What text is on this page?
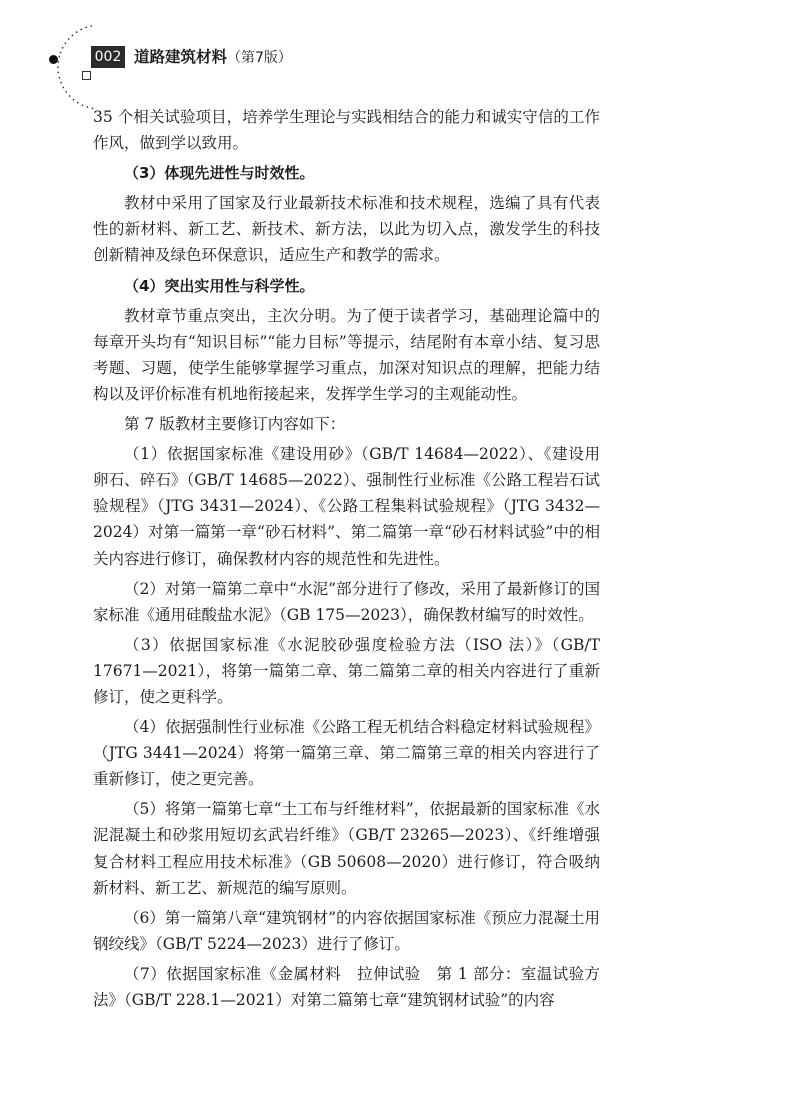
002 道路建筑材料（第7版）

35 个相关试验项目，培养学生理论与实践相结合的能力和诚实守信的工作作风，做到学以致用。

（3）体现先进性与时效性。

教材中采用了国家及行业最新技术标准和技术规程，选编了具有代表性的新材料、新工艺、新技术、新方法，以此为切入点，激发学生的科技创新精神及绿色环保意识，适应生产和教学的需求。

（4）突出实用性与科学性。

教材章节重点突出，主次分明。为了便于读者学习，基础理论篇中的每章开头均有“知识目标”“能力目标”等提示，结尾附有本章小结、复习思考题、习题，使学生能够掌握学习重点，加深对知识点的理解，把能力结构以及评价标准有机地衔接起来，发挥学生学习的主观能动性。

第 7 版教材主要修订内容如下：

（1）依据国家标准《建设用砂》（GB/T 14684—2022）、《建设用卵石、碎石》（GB/T 14685—2022）、强制性行业标准《公路工程岩石试验规程》（JTG 3431—2024）、《公路工程集料试验规程》（JTG 3432—2024）对第一篇第一章“砂石材料”、第二篇第一章“砂石材料试验”中的相关内容进行修订，确保教材内容的规范性和先进性。

（2）对第一篇第二章中“水泥”部分进行了修改，采用了最新修订的国家标准《通用硅酸盐水泥》（GB 175—2023），确保教材编写的时效性。

（3）依据国家标准《水泥胶砂强度检验方法（ISO 法）》（GB/T 17671—2021），将第一篇第二章、第二篇第二章的相关内容进行了重新修订，使之更科学。

（4）依据强制性行业标准《公路工程无机结合料稳定材料试验规程》（JTG 3441—2024）将第一篇第三章、第二篇第三章的相关内容进行了重新修订，使之更完善。

（5）将第一篇第七章“土工布与纤维材料”，依据最新的国家标准《水泥混凝土和砂浆用短切玄武岩纤维》（GB/T 23265—2023）、《纤维增强复合材料工程应用技术标准》（GB 50608—2020）进行修订，符合吸纳新材料、新工艺、新规范的编写原则。

（6）第一篇第八章“建筑钢材”的内容依据国家标准《预应力混凝土用钢绞线》（GB/T 5224—2023）进行了修订。

（7）依据国家标准《金属材料　拉伸试验　第 1 部分：室温试验方法》（GB/T 228.1—2021）对第二篇第七章“建筑钢材试验”的内容
